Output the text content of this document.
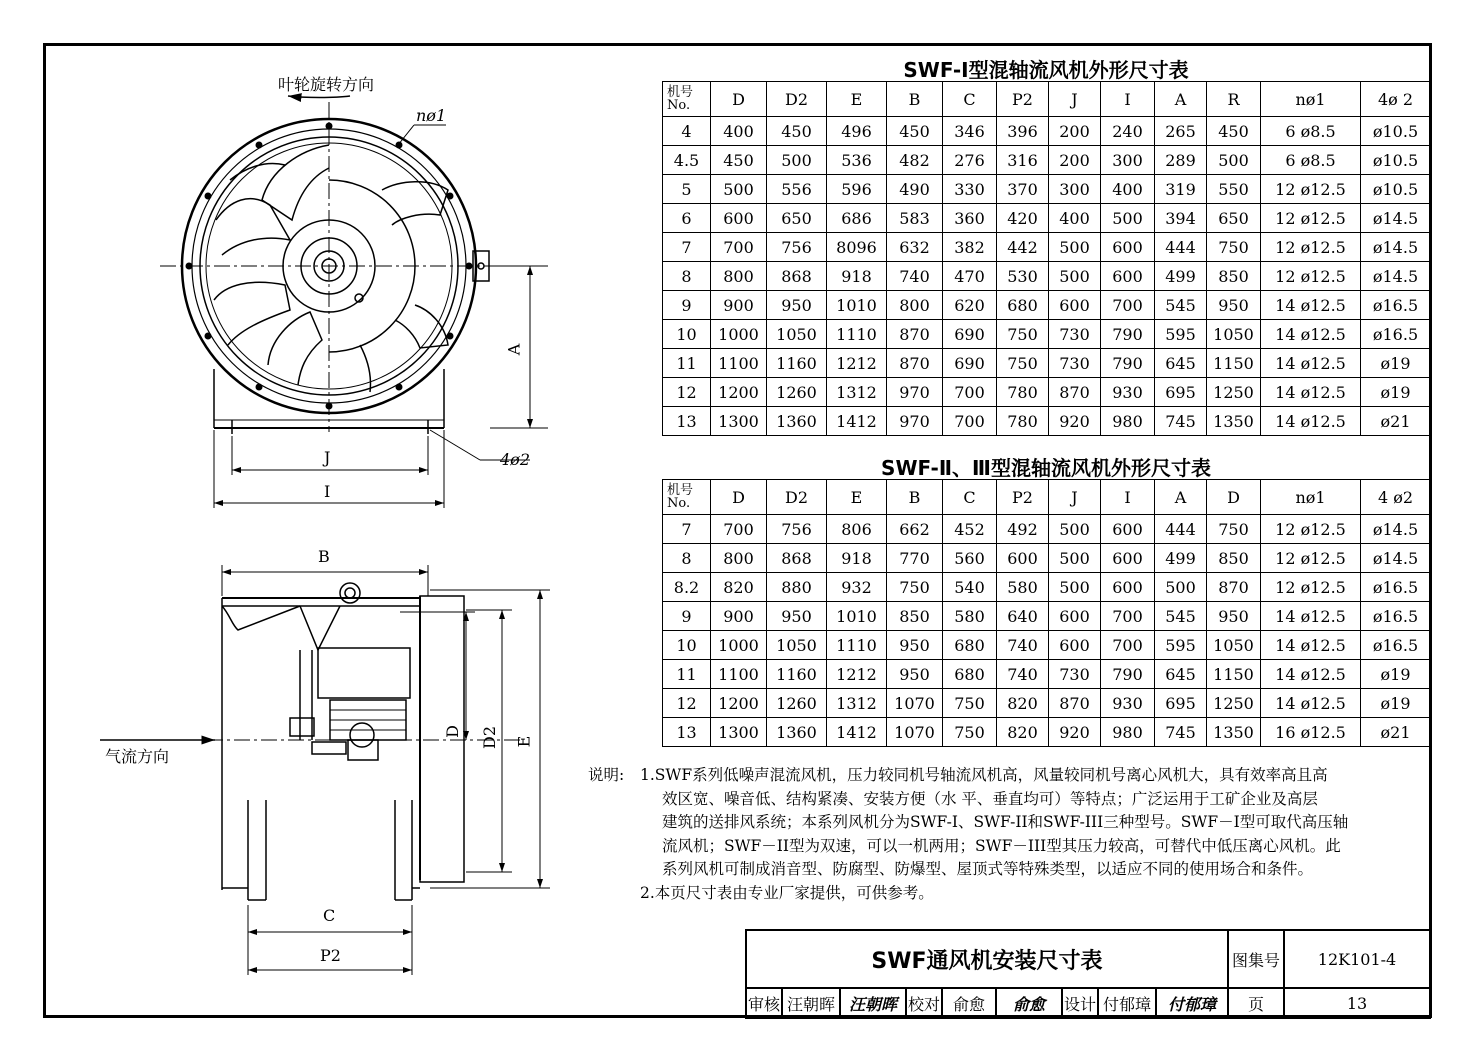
叶轮旋转方向
nø1
A
J
I
4ø2
B
气流方向
D D2 E
C
P2
SWF-I型混轴流风机外形尺寸表
机号
No.	D	D2	E	B	C	P2	J	I	A	R	nø1	4ø 2
4	400	450	496	450	346	396	200	240	265	450	6 ø8.5	ø10.5
4.5	450	500	536	482	276	316	200	300	289	500	6 ø8.5	ø10.5
5	500	556	596	490	330	370	300	400	319	550	12 ø12.5	ø10.5
6	600	650	686	583	360	420	400	500	394	650	12 ø12.5	ø14.5
7	700	756	8096	632	382	442	500	600	444	750	12 ø12.5	ø14.5
8	800	868	918	740	470	530	500	600	499	850	12 ø12.5	ø14.5
9	900	950	1010	800	620	680	600	700	545	950	14 ø12.5	ø16.5
10	1000	1050	1110	870	690	750	730	790	595	1050	14 ø12.5	ø16.5
11	1100	1160	1212	870	690	750	730	790	645	1150	14 ø12.5	ø19
12	1200	1260	1312	970	700	780	870	930	695	1250	14 ø12.5	ø19
13	1300	1360	1412	970	700	780	920	980	745	1350	14 ø12.5	ø21
SWF-Ⅱ、Ⅲ型混轴流风机外形尺寸表
机号
No.	D	D2	E	B	C	P2	J	I	A	D	nø1	4 ø2
7	700	756	806	662	452	492	500	600	444	750	12 ø12.5	ø14.5
8	800	868	918	770	560	600	500	600	499	850	12 ø12.5	ø14.5
8.2	820	880	932	750	540	580	500	600	500	870	12 ø12.5	ø16.5
9	900	950	1010	850	580	640	600	700	545	950	14 ø12.5	ø16.5
10	1000	1050	1110	950	680	740	600	700	595	1050	14 ø12.5	ø16.5
11	1100	1160	1212	950	680	740	730	790	645	1150	14 ø12.5	ø19
12	1200	1260	1312	1070	750	820	870	930	695	1250	14 ø12.5	ø19
13	1300	1360	1412	1070	750	820	920	980	745	1350	16 ø12.5	ø21
说明:	1.SWF系列低噪声混流风机，压力较同机号轴流风机高，风量较同机号离心风机大，具有效率高且高
效区宽、噪音低、结构紧凑、安装方便（水 平、垂直均可）等特点；广泛运用于工矿企业及高层
建筑的送排风系统；本系列风机分为SWF-I、SWF-II和SWF-III三种型号。SWF－I型可取代高压轴
流风机；SWF－II型为双速，可以一机两用；SWF－III型其压力较高，可替代中低压离心风机。此
系列风机可制成消音型、防腐型、防爆型、屋顶式等特殊类型，以适应不同的使用场合和条件。
2.本页尺寸表由专业厂家提供，可供参考。
SWF通风机安装尺寸表									图集号	12K101-4
审核	汪朝晖	汪朝晖	校对	俞愈	俞愈	设计	付郁璋	付郁璋	页	13
